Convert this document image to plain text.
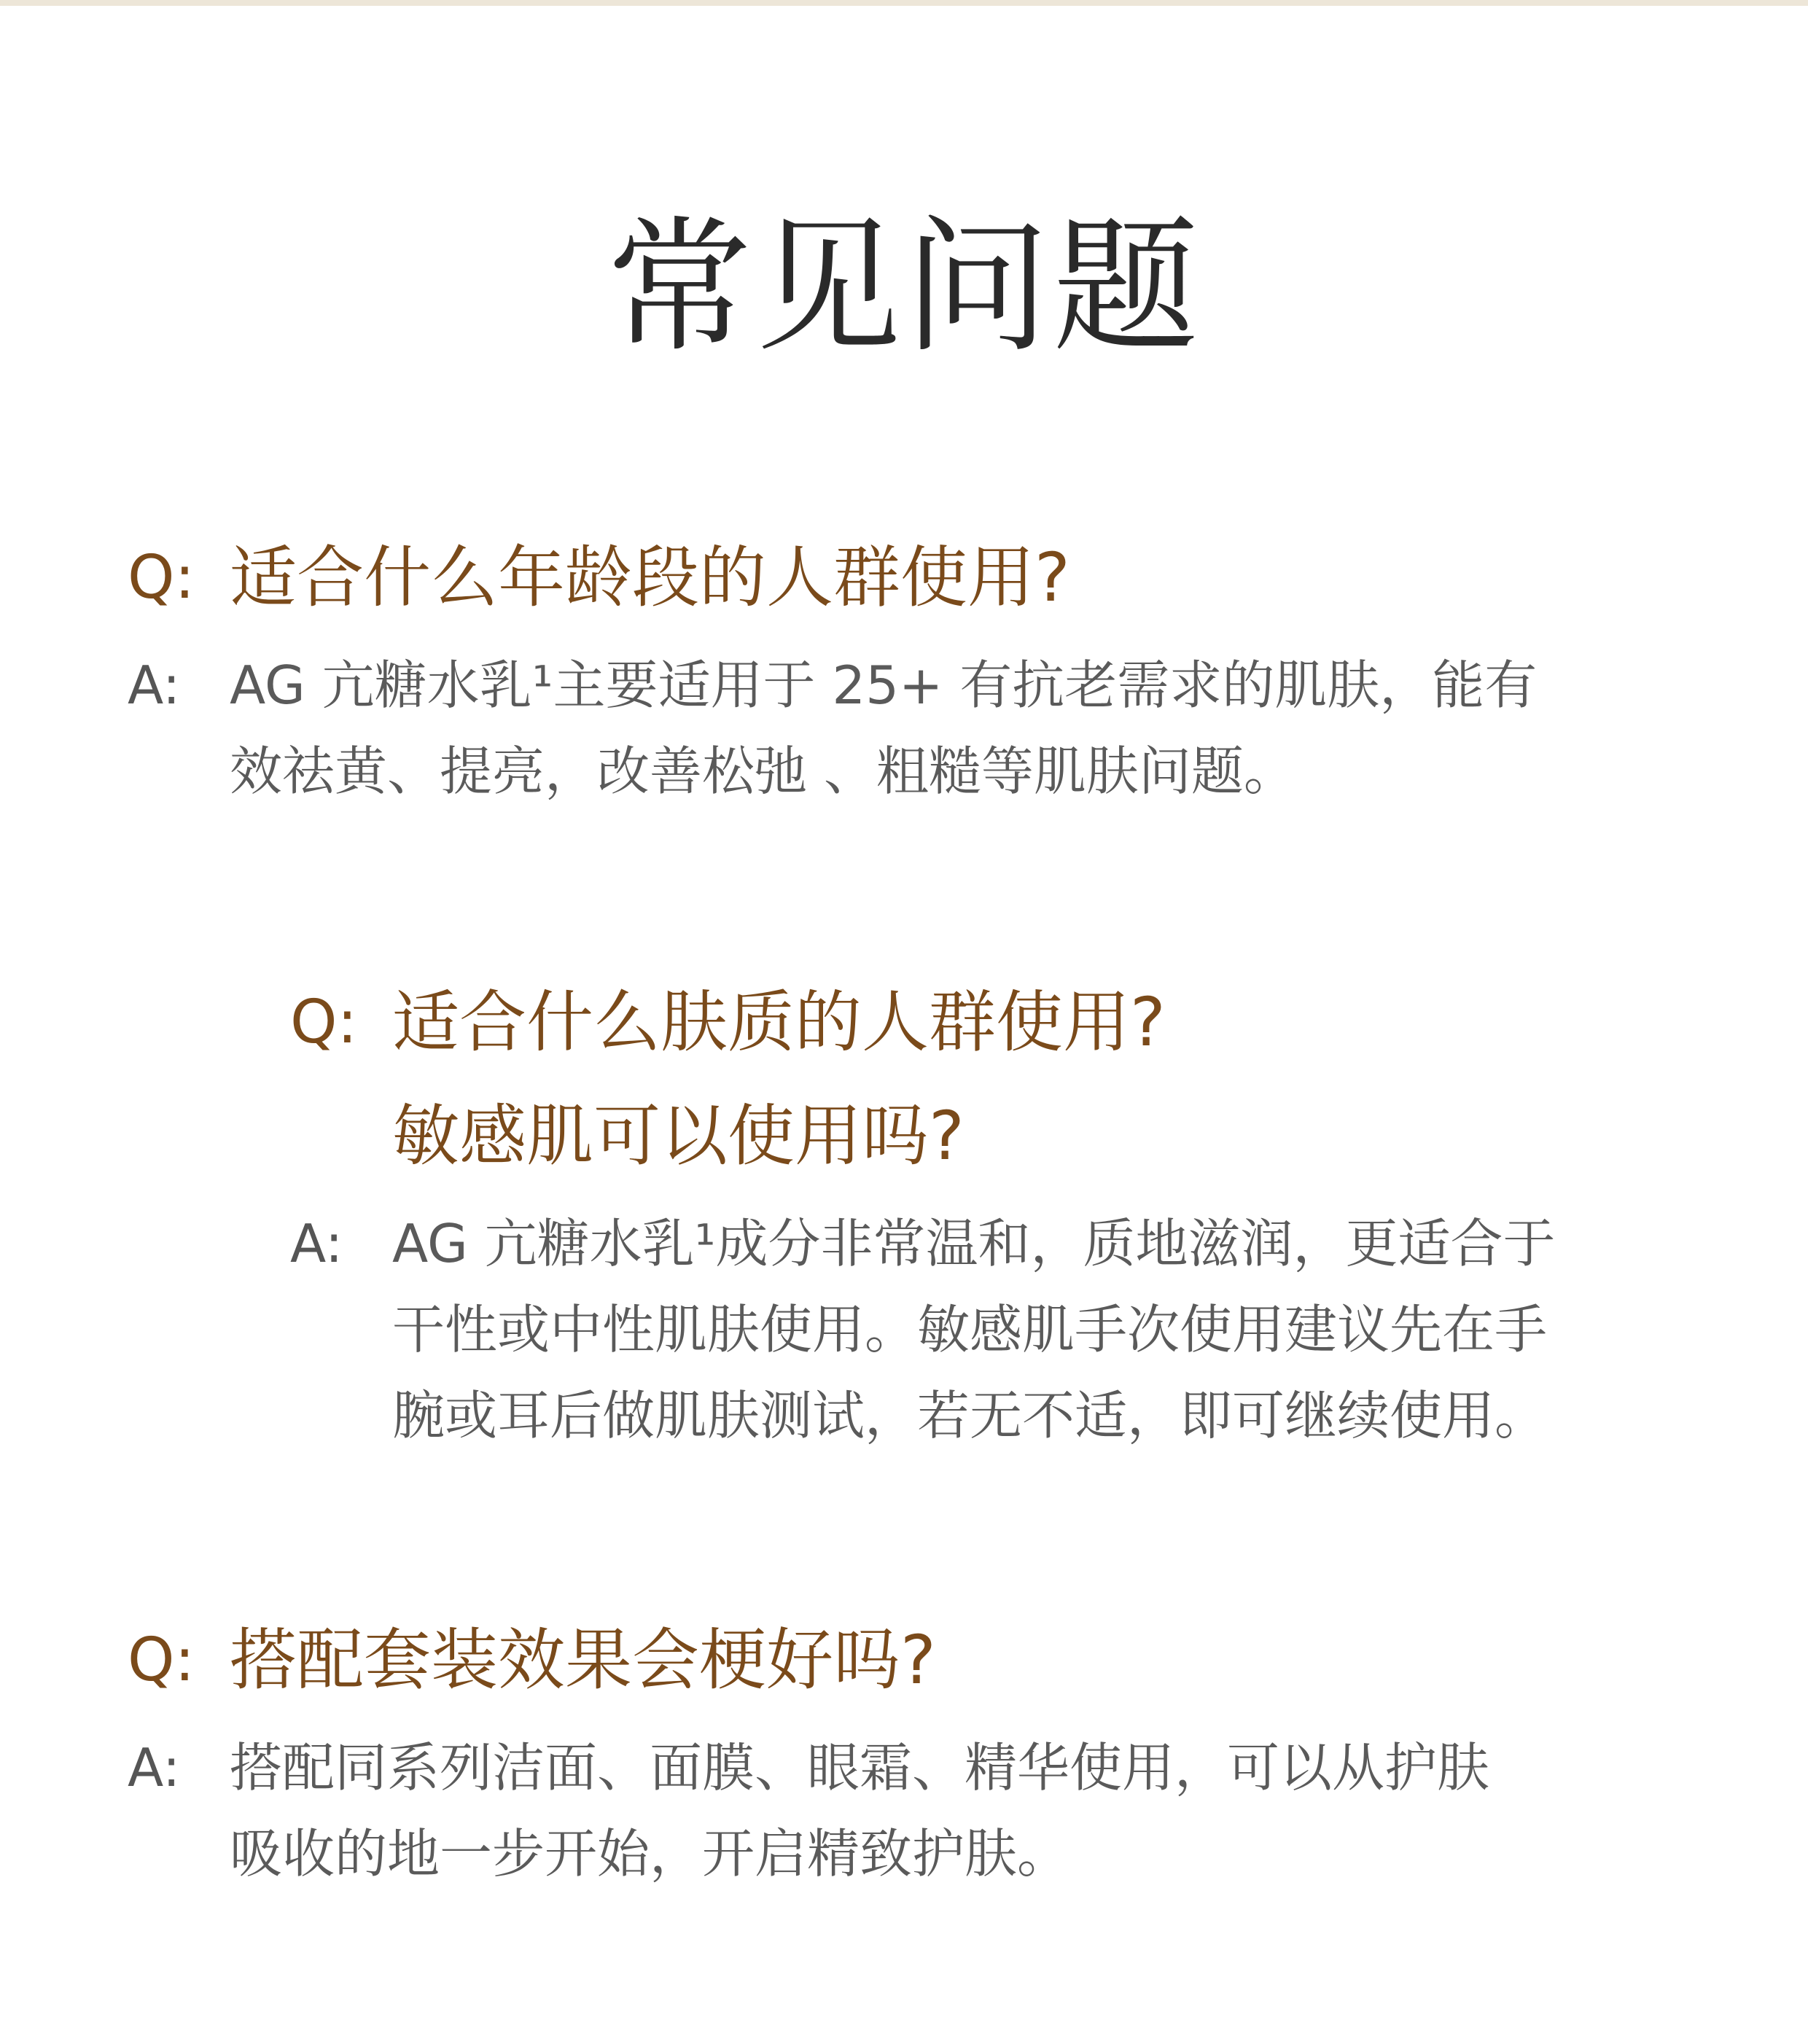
常见问题
Q: 适合什么年龄段的人群使用?
A: AG 亢糖水乳¹主要适用于 25+ 有抗老需求的肌肤，能有
效祛黄、提亮，改善松弛 、粗糙等肌肤问题。
Q: 适合什么肤质的人群使用?
敏感肌可以使用吗?
A: AG 亢糖水乳¹成分非常温和，质地滋润，更适合于
干性或中性肌肤使用。敏感肌手次使用建议先在手
腕或耳后做肌肤测试，若无不适，即可继续使用。
Q: 搭配套装效果会梗好吗?
A: 搭配同系列洁面、面膜、眼霜、精华使用，可以从护肤
吸收的地一步开始，开启精致护肤。
